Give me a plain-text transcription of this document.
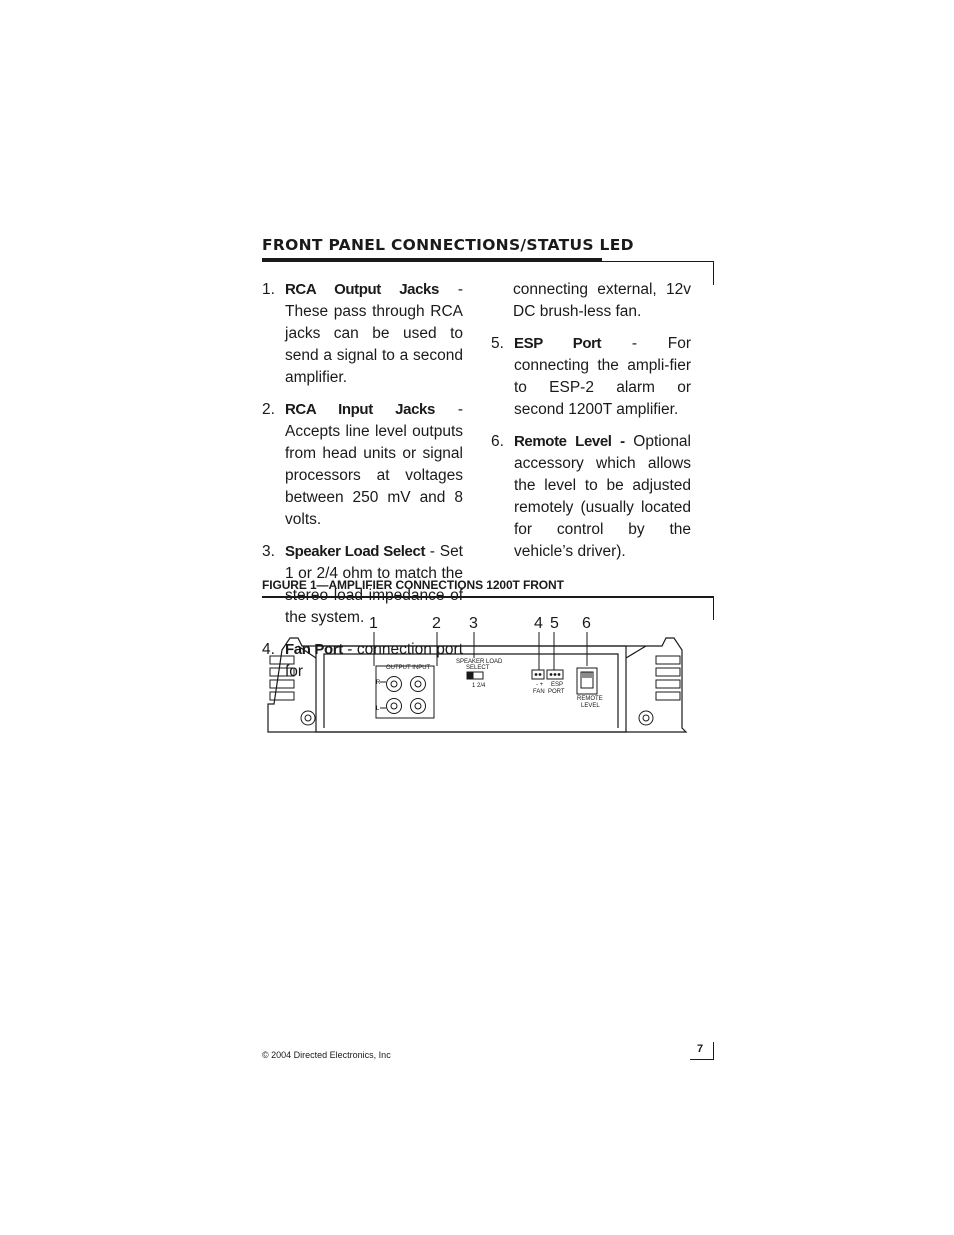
FRONT PANEL CONNECTIONS/STATUS LED
1. RCA Output Jacks - These pass through RCA jacks can be used to send a signal to a second amplifier.
2. RCA Input Jacks - Accepts line level outputs from head units or signal processors at voltages between 250 mV and 8 volts.
3. Speaker Load Select - Set 1 or 2/4 ohm to match the the system.
4. Fan Port - connection port for
connecting external, 12v DC brush-less fan.
5. ESP Port - For connecting the ampli-fier to ESP-2 alarm or second 1200T amplifier.
6. Remote Level - Optional accessory which allows the level to be adjusted remotely (usually located for control by the vehicle’s driver).
FIGURE 1—AMPLIFIER CONNECTIONS 1200T FRONT
1	2 3	4 5 6
OUTPUT INPUT
R
L
SPEAKER LOAD
SELECT
1 2/4	- +
FAN
ESP
PORT
REMOTE
LEVEL
© 2004 Directed Electronics, Inc	7
